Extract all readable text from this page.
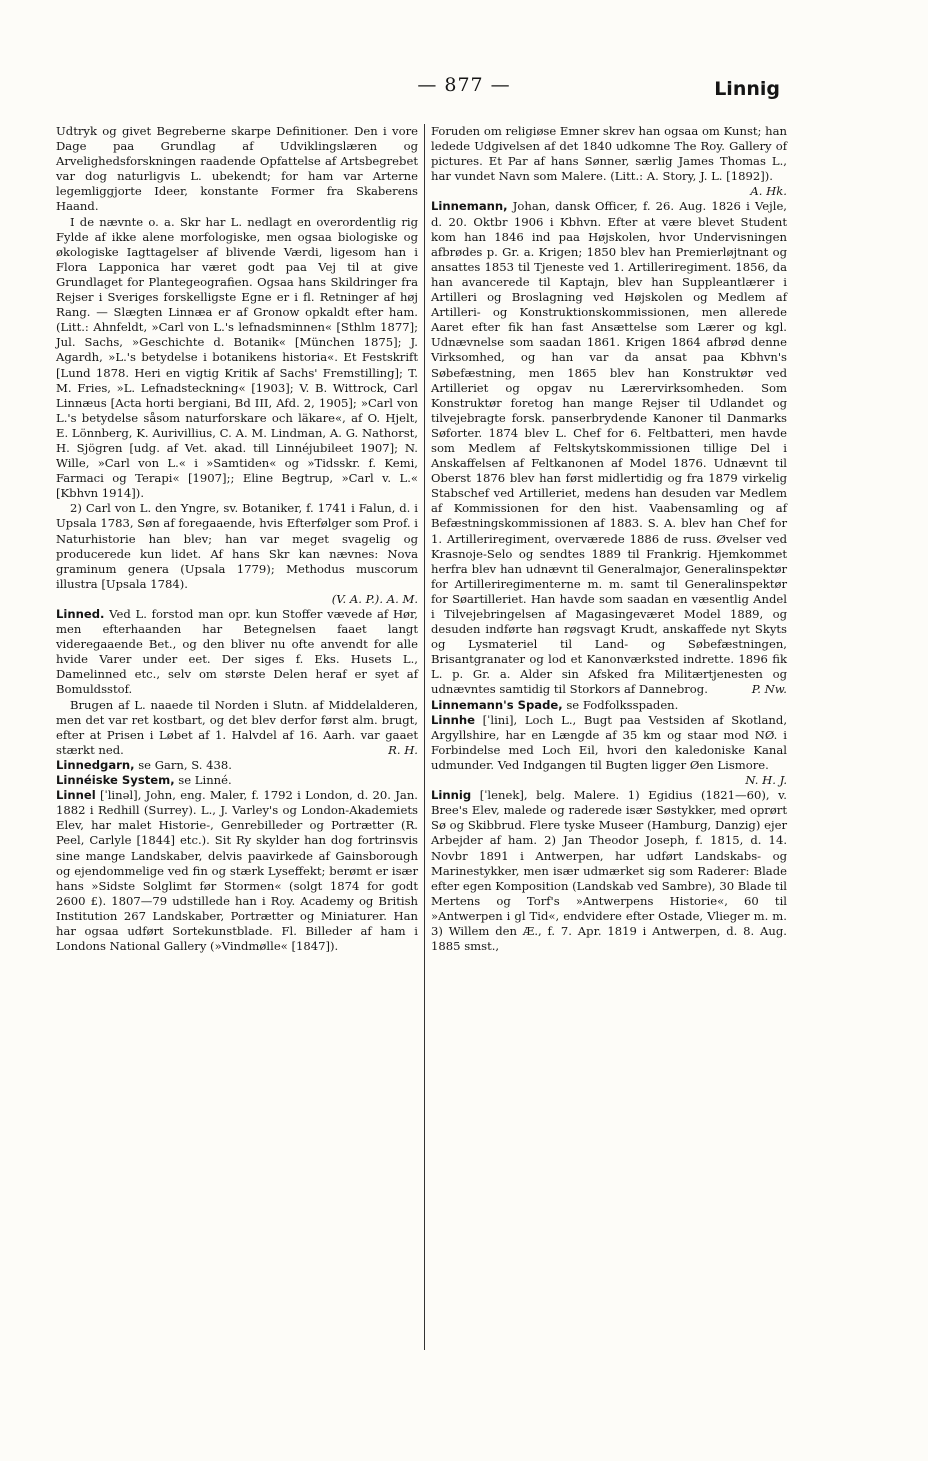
— 877 —	Linnig

Udtryk og givet Begreberne skarpe Definitioner. Den i vore Dage paa Grundlag af Udviklingslæren og Arvelighedsforskningen raadende Opfattelse af Artsbegrebet var dog naturligvis L. ubekendt; for ham var Arterne legemliggjorte Ideer, konstante Former fra Skaberens Haand.

I de nævnte o. a. Skr har L. nedlagt en overordentlig rig Fylde af ikke alene morfologiske, men ogsaa biologiske og økologiske Iagttagelser af blivende Værdi, ligesom han i Flora Lapponica har været godt paa Vej til at give Grundlaget for Plantegeografien. Ogsaa hans Skildringer fra Rejser i Sveriges forskelligste Egne er i fl. Retninger af høj Rang. — Slægten Linnæa er af Gronow opkaldt efter ham. (Litt.: Ahnfeldt, »Carl von L.'s lefnadsminnen« [Sthlm 1877]; Jul. Sachs, »Geschichte d. Botanik« [München 1875]; J. Agardh, »L.'s betydelse i botanikens historia«. Et Festskrift [Lund 1878. Heri en vigtig Kritik af Sachs' Fremstilling]; T. M. Fries, »L. Lefnadsteckning« [1903]; V. B. Wittrock, Carl Linnæus [Acta horti bergiani, Bd III, Afd. 2, 1905]; »Carl von L.'s betydelse såsom naturforskare och läkare«, af O. Hjelt, E. Lönnberg, K. Aurivillius, C. A. M. Lindman, A. G. Nathorst, H. Sjögren [udg. af Vet. akad. till Linnéjubileet 1907]; N. Wille, »Carl von L.« i »Samtiden« og »Tidsskr. f. Kemi, Farmaci og Terapi« [1907];; Eline Begtrup, »Carl v. L.« [Kbhvn 1914]).

2) Carl von L. den Yngre, sv. Botaniker, f. 1741 i Falun, d. i Upsala 1783, Søn af foregaaende, hvis Efterfølger som Prof. i Naturhistorie han blev; han var meget svagelig og producerede kun lidet. Af hans Skr kan nævnes: Nova graminum genera (Upsala 1779); Methodus muscorum illustra [Upsala 1784).
(V. A. P.). A. M.

Linned. Ved L. forstod man opr. kun Stoffer vævede af Hør, men efterhaanden har Betegnelsen faaet langt videregaaende Bet., og den bliver nu ofte anvendt for alle hvide Varer under eet. Der siges f. Eks. Husets L., Damelinned etc., selv om største Delen heraf er syet af Bomuldsstof.

Brugen af L. naaede til Norden i Slutn. af Middelalderen, men det var ret kostbart, og det blev derfor først alm. brugt, efter at Prisen i Løbet af 1. Halvdel af 16. Aarh. var gaaet stærkt ned.	R. H.

Linnedgarn, se Garn, S. 438.

Linnéiske System, se Linné.

Linnel [ˈlinəl], John, eng. Maler, f. 1792 i London, d. 20. Jan. 1882 i Redhill (Surrey). L., J. Varley's og London-Akademiets Elev, har malet Historie-, Genrebilleder og Portrætter (R. Peel, Carlyle [1844] etc.). Sit Ry skylder han dog fortrinsvis sine mange Landskaber, delvis paavirkede af Gainsborough og ejendommelige ved fin og stærk Lyseffekt; berømt er især hans »Sidste Solglimt før Stormen« (solgt 1874 for godt 2600 £). 1807—79 udstillede han i Roy. Academy og British Institution 267 Landskaber, Portrætter og Miniaturer. Han har ogsaa udført Sortekunstblade. Fl. Billeder af ham i Londons National Gallery (»Vindmølle« [1847]).

Foruden om religiøse Emner skrev han ogsaa om Kunst; han ledede Udgivelsen af det 1840 udkomne The Roy. Gallery of pictures. Et Par af hans Sønner, særlig James Thomas L., har vundet Navn som Malere. (Litt.: A. Story, J. L. [1892]).
A. Hk.

Linnemann, Johan, dansk Officer, f. 26. Aug. 1826 i Vejle, d. 20. Oktbr 1906 i Kbhvn. Efter at være blevet Student kom han 1846 ind paa Højskolen, hvor Undervisningen afbrødes p. Gr. a. Krigen; 1850 blev han Premierløjtnant og ansattes 1853 til Tjeneste ved 1. Artilleriregiment. 1856, da han avancerede til Kaptajn, blev han Suppleantlærer i Artilleri og Broslagning ved Højskolen og Medlem af Artilleri- og Konstruktionskommissionen, men allerede Aaret efter fik han fast Ansættelse som Lærer og kgl. Udnævnelse som saadan 1861. Krigen 1864 afbrød denne Virksomhed, og han var da ansat paa Kbhvn's Søbefæstning, men 1865 blev han Konstruktør ved Artilleriet og opgav nu Lærervirksomheden. Som Konstruktør foretog han mange Rejser til Udlandet og tilvejebragte forsk. panserbrydende Kanoner til Danmarks Søforter. 1874 blev L. Chef for 6. Feltbatteri, men havde som Medlem af Feltskytskommissionen tillige Del i Anskaffelsen af Feltkanonen af Model 1876. Udnævnt til Oberst 1876 blev han først midlertidig og fra 1879 virkelig Stabschef ved Artilleriet, medens han desuden var Medlem af Kommissionen for den hist. Vaabensamling og af Befæstningskommissionen af 1883. S. A. blev han Chef for 1. Artilleriregiment, overværede 1886 de russ. Øvelser ved Krasnoje-Selo og sendtes 1889 til Frankrig. Hjemkommet herfra blev han udnævnt til Generalmajor, Generalinspektør for Artilleriregimenterne m. m. samt til Generalinspektør for Søartilleriet. Han havde som saadan en væsentlig Andel i Tilvejebringelsen af Magasingeværet Model 1889, og desuden indførte han røgsvagt Krudt, anskaffede nyt Skyts og Lysmateriel til Land- og Søbefæstningen, Brisantgranater og lod et Kanonværksted indrette. 1896 fik L. p. Gr. a. Alder sin Afsked fra Militærtjenesten og udnævntes samtidig til Storkors af Dannebrog.	P. Nw.

Linnemann's Spade, se Fodfolksspaden.

Linnhe [ˈlini], Loch L., Bugt paa Vestsiden af Skotland, Argyllshire, har en Længde af 35 km og staar mod NØ. i Forbindelse med Loch Eil, hvori den kaledoniske Kanal udmunder. Ved Indgangen til Bugten ligger Øen Lismore.
N. H. J.

Linnig [ˈlenek], belg. Malere. 1) Egidius (1821—60), v. Bree's Elev, malede og raderede især Søstykker, med oprørt Sø og Skibbrud. Flere tyske Museer (Hamburg, Danzig) ejer Arbejder af ham. 2) Jan Theodor Joseph, f. 1815, d. 14. Novbr 1891 i Antwerpen, har udført Landskabs- og Marinestykker, men især udmærket sig som Raderer: Blade efter egen Komposition (Landskab ved Sambre), 30 Blade til Mertens og Torf's »Antwerpens Historie«, 60 til »Antwerpen i gl Tid«, endvidere efter Ostade, Vlieger m. m. 3) Willem den Æ., f. 7. Apr. 1819 i Antwerpen, d. 8. Aug. 1885 smst.,
